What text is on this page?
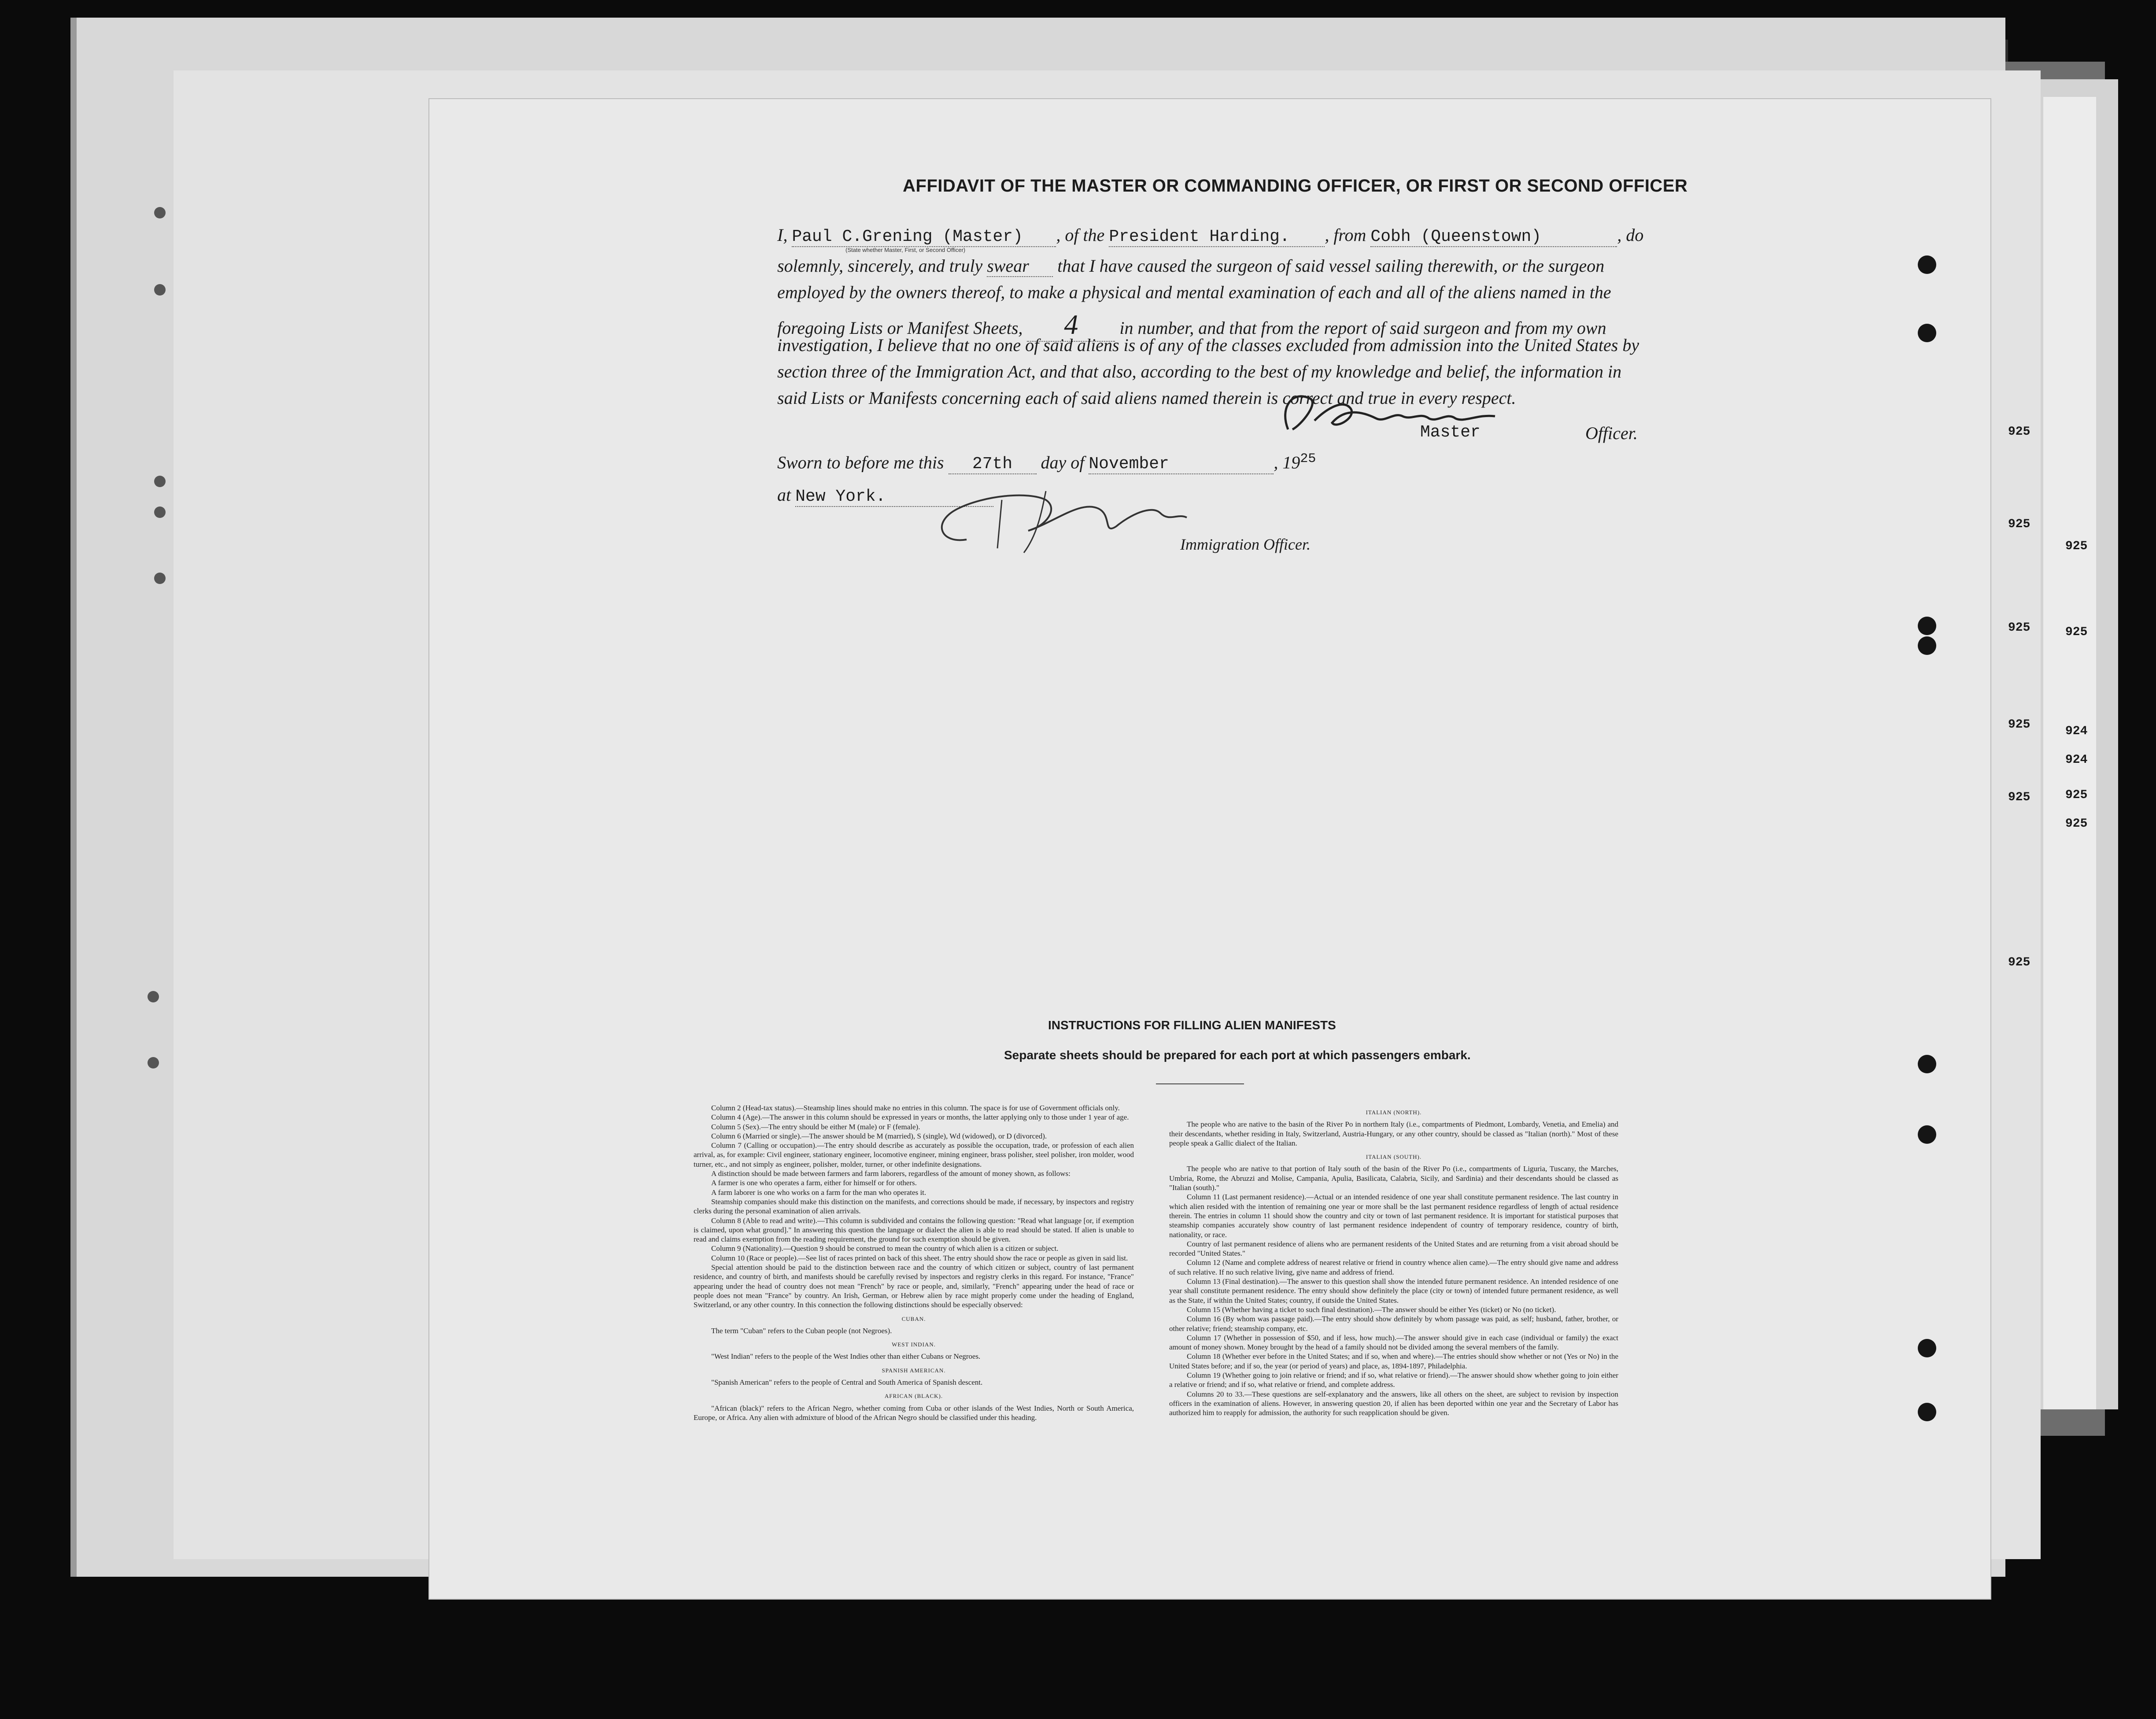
AFFIDAVIT OF THE MASTER OR COMMANDING OFFICER, OR FIRST OR SECOND OFFICER
I, Paul C.Grening (Master) , of the President Harding. , from Cobh (Queenstown)	, do
(State whether Master, First, or Second Officer)
solemnly, sincerely, and truly swear that I have caused the surgeon of said vessel sailing therewith, or the surgeon
employed by the owners thereof, to make a physical and mental examination of each and all of the aliens named in the
foregoing Lists or Manifest Sheets, 4 in number, and that from the report of said surgeon and from my own
investigation, I believe that no one of said aliens is of any of the classes excluded from admission into the United States by
section three of the Immigration Act, and that also, according to the best of my knowledge and belief, the information in
said Lists or Manifests concerning each of said aliens named therein is correct and true in every respect.
Master	Officer.
Sworn to before me this 27th day of November	, $19^{25}$
at New York.
Immigration Officer.
INSTRUCTIONS FOR FILLING ALIEN MANIFESTS
Separate sheets should be prepared for each port at which passengers embark.

Column 2 (Head-tax status).—Steamship lines should make no entries in this column. The space is for use of Government officials only.

Column 4 (Age).—The answer in this column should be expressed in years or months, the latter applying only to those under 1 year of age.

Column 5 (Sex).—The entry should be either M (male) or F (female).

Column 6 (Married or single).—The answer should be M (married), S (single), Wd (widowed), or D (divorced).

Column 7 (Calling or occupation).—The entry should describe as accurately as possible the occupation, trade, or profession of each alien arrival, as, for example: Civil engineer, stationary engineer, locomotive engineer, mining engineer, brass polisher, steel polisher, iron molder, wood turner, etc., and not simply as engineer, polisher, molder, turner, or other indefinite designations.

A distinction should be made between farmers and farm laborers, regardless of the amount of money shown, as follows:

A farmer is one who operates a farm, either for himself or for others.

A farm laborer is one who works on a farm for the man who operates it.

Steamship companies should make this distinction on the manifests, and corrections should be made, if necessary, by inspectors and registry clerks during the personal examination of alien arrivals.

Column 8 (Able to read and write).—This column is subdivided and contains the following question: "Read what language [or, if exemption is claimed, upon what ground]." In answering this question the language or dialect the alien is able to read should be stated. If alien is unable to read and claims exemption from the reading requirement, the ground for such exemption should be given.

Column 9 (Nationality).—Question 9 should be construed to mean the country of which alien is a citizen or subject.

Column 10 (Race or people).—See list of races printed on back of this sheet. The entry should show the race or people as given in said list.

Special attention should be paid to the distinction between race and the country of which citizen or subject, country of last permanent residence, and country of birth, and manifests should be carefully revised by inspectors and registry clerks in this regard. For instance, "France" appearing under the head of country does not mean "French" by race or people, and, similarly, "French" appearing under the head of race or people does not mean "France" by country. An Irish, German, or Hebrew alien by race might properly come under the heading of England, Switzerland, or any other country. In this connection the following distinctions should be especially observed:

CUBAN.

The term "Cuban" refers to the Cuban people (not Negroes).

WEST INDIAN.

"West Indian" refers to the people of the West Indies other than either Cubans or Negroes.

SPANISH AMERICAN.

"Spanish American" refers to the people of Central and South America of Spanish descent.

AFRICAN (BLACK).

"African (black)" refers to the African Negro, whether coming from Cuba or other islands of the West Indies, North or South America, Europe, or Africa. Any alien with admixture of blood of the African Negro should be classified under this heading.

ITALIAN (NORTH).

The people who are native to the basin of the River Po in northern Italy (i.e., compartments of Piedmont, Lombardy, Venetia, and Emelia) and their descendants, whether residing in Italy, Switzerland, Austria-Hungary, or any other country, should be classed as "Italian (north)." Most of these people speak a Gallic dialect of the Italian.

ITALIAN (SOUTH).

The people who are native to that portion of Italy south of the basin of the River Po (i.e., compartments of Liguria, Tuscany, the Marches, Umbria, Rome, the Abruzzi and Molise, Campania, Apulia, Basilicata, Calabria, Sicily, and Sardinia) and their descendants should be classed as "Italian (south)."

Column 11 (Last permanent residence).—Actual or an intended residence of one year shall constitute permanent residence. The last country in which alien resided with the intention of remaining one year or more shall be the last permanent residence regardless of length of actual residence therein. The entries in column 11 should show the country and city or town of last permanent residence. It is important for statistical purposes that steamship companies accurately show country of last permanent residence independent of country of temporary residence, country of birth, nationality, or race.

Country of last permanent residence of aliens who are permanent residents of the United States and are returning from a visit abroad should be recorded "United States."

Column 12 (Name and complete address of nearest relative or friend in country whence alien came).—The entry should give name and address of such relative. If no such relative living, give name and address of friend.

Column 13 (Final destination).—The answer to this question shall show the intended future permanent residence. An intended residence of one year shall constitute permanent residence. The entry should show definitely the place (city or town) of intended future permanent residence, as well as the State, if within the United States; country, if outside the United States.

Column 15 (Whether having a ticket to such final destination).—The answer should be either Yes (ticket) or No (no ticket).

Column 16 (By whom was passage paid).—The entry should show definitely by whom passage was paid, as self; husband, father, brother, or other relative; friend; steamship company, etc.

Column 17 (Whether in possession of $50, and if less, how much).—The answer should give in each case (individual or family) the exact amount of money shown. Money brought by the head of a family should not be divided among the several members of the family.

Column 18 (Whether ever before in the United States; and if so, when and where).—The entries should show whether or not (Yes or No) in the United States before; and if so, the year (or period of years) and place, as, 1894-1897, Philadelphia.

Column 19 (Whether going to join relative or friend; and if so, what relative or friend).—The answer should show whether going to join either a relative or friend; and if so, what relative or friend, and complete address.

Columns 20 to 33.—These questions are self-explanatory and the answers, like all others on the sheet, are subject to revision by inspection officers in the examination of aliens. However, in answering question 20, if alien has been deported within one year and the Secretary of Labor has authorized him to reapply for admission, the authority for such reapplication should be given.

925
925
925
925
925
925
924
924
925
925
925
925
